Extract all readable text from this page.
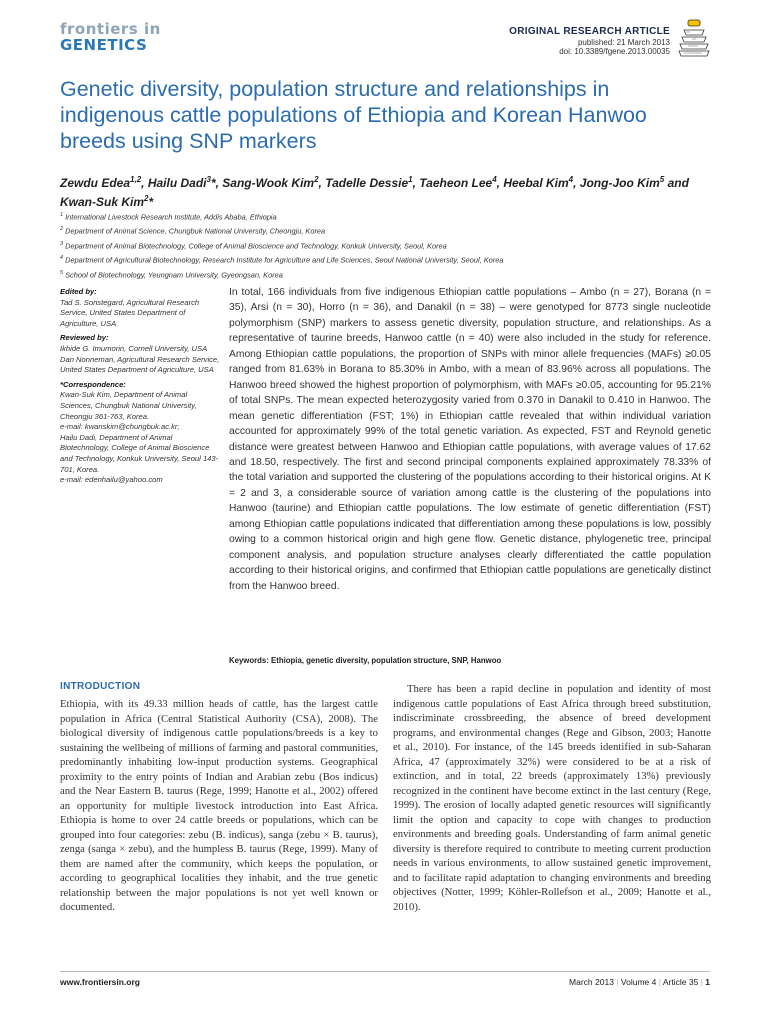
frontiers in
GENETICS
ORIGINAL RESEARCH ARTICLE
published: 21 March 2013
doi: 10.3389/fgene.2013.00035
Genetic diversity, population structure and relationships in indigenous cattle populations of Ethiopia and Korean Hanwoo breeds using SNP markers
Zewdu Edea$^{1,2}$, Hailu Dadi$^3$*, Sang-Wook Kim$^2$, Tadelle Dessie$^1$, Taeheon Lee$^4$, Heebal Kim$^4$, Jong-Joo Kim$^5$ and Kwan-Suk Kim$^2$*
$^1$ International Livestock Research Institute, Addis Ababa, Ethiopia
$^2$ Department of Animal Science, Chungbuk National University, Cheongju, Korea
$^3$ Department of Animal Biotechnology, College of Animal Bioscience and Technology, Konkuk University, Seoul, Korea
$^4$ Department of Agricultural Biotechnology, Research Institute for Agriculture and Life Sciences, Seoul National University, Seoul, Korea
$^5$ School of Biotechnology, Yeungnam University, Gyeongsan, Korea
Edited by:
Tad S. Sonstegard, Agricultural Research Service, United States Department of Agriculture, USA
Reviewed by:
Ikhide G. Imumorin, Cornell University, USA
Dan Nonneman, Agricultural Research Service, United States Department of Agriculture, USA
*Correspondence:
Kwan-Suk Kim, Department of Animal Sciences, Chungbuk National University, Cheongju 361-763, Korea.
e-mail: kwanskim@chungbuk.ac.kr;
Hailu Dadi, Department of Animal Biotechnology, College of Animal Bioscience and Technology, Konkuk University, Seoul 143-701, Korea.
e-mail: edenhailu@yahoo.com
In total, 166 individuals from five indigenous Ethiopian cattle populations – Ambo (n = 27), Borana (n = 35), Arsi (n = 30), Horro (n = 36), and Danakil (n = 38) – were genotyped for 8773 single nucleotide polymorphism (SNP) markers to assess genetic diversity, population structure, and relationships. As a representative of taurine breeds, Hanwoo cattle (n = 40) were also included in the study for reference. Among Ethiopian cattle populations, the proportion of SNPs with minor allele frequencies (MAFs) ≥0.05 ranged from 81.63% in Borana to 85.30% in Ambo, with a mean of 83.96% across all populations. The Hanwoo breed showed the highest proportion of polymorphism, with MAFs ≥0.05, accounting for 95.21% of total SNPs. The mean expected heterozygosity varied from 0.370 in Danakil to 0.410 in Hanwoo. The mean genetic differentiation (FST; 1%) in Ethiopian cattle revealed that within individual variation accounted for approximately 99% of the total genetic variation. As expected, FST and Reynold genetic distance were greatest between Hanwoo and Ethiopian cattle populations, with average values of 17.62 and 18.50, respectively. The first and second principal components explained approximately 78.33% of the total variation and supported the clustering of the populations according to their historical origins. At K = 2 and 3, a considerable source of variation among cattle is the clustering of the populations into Hanwoo (taurine) and Ethiopian cattle populations. The low estimate of genetic differentiation (FST) among Ethiopian cattle populations indicated that differentiation among these populations is low, possibly owing to a common historical origin and high gene flow. Genetic distance, phylogenetic tree, principal component analysis, and population structure analyses clearly differentiated the cattle population according to their historical origins, and confirmed that Ethiopian cattle populations are genetically distinct from the Hanwoo breed.
Keywords: Ethiopia, genetic diversity, population structure, SNP, Hanwoo
INTRODUCTION
Ethiopia, with its 49.33 million heads of cattle, has the largest cattle population in Africa (Central Statistical Authority (CSA), 2008). The biological diversity of indigenous cattle populations/breeds is a key to sustaining the wellbeing of millions of farming and pastoral communities, predominantly inhabiting low-input production systems. Geographical proximity to the entry points of Indian and Arabian zebu (Bos indicus) and the Near Eastern B. taurus (Rege, 1999; Hanotte et al., 2002) offered an opportunity for multiple livestock introduction into East Africa. Ethiopia is home to over 24 cattle breeds or populations, which can be grouped into four categories: zebu (B. indicus), sanga (zebu × B. taurus), zenga (sanga × zebu), and the humpless B. taurus (Rege, 1999). Many of them are named after the community, which keeps the population, or according to geographical localities they inhabit, and the true genetic relationship between the major populations is not yet well known or documented.
There has been a rapid decline in population and identity of most indigenous cattle populations of East Africa through breed substitution, indiscriminate crossbreeding, the absence of breed development programs, and environmental changes (Rege and Gibson, 2003; Hanotte et al., 2010). For instance, of the 145 breeds identified in sub-Saharan Africa, 47 (approximately 32%) were considered to be at a risk of extinction, and in total, 22 breeds (approximately 13%) previously recognized in the continent have become extinct in the last century (Rege, 1999). The erosion of locally adapted genetic resources will significantly limit the option and capacity to cope with changes to production environments and breeding goals. Understanding of farm animal genetic diversity is therefore required to contribute to meeting current production needs in various environments, to allow sustained genetic improvement, and to facilitate rapid adaptation to changing environments and breeding objectives (Notter, 1999; Köhler-Rollefson et al., 2009; Hanotte et al., 2010).
www.frontiersin.org	March 2013 | Volume 4 | Article 35 | 1
